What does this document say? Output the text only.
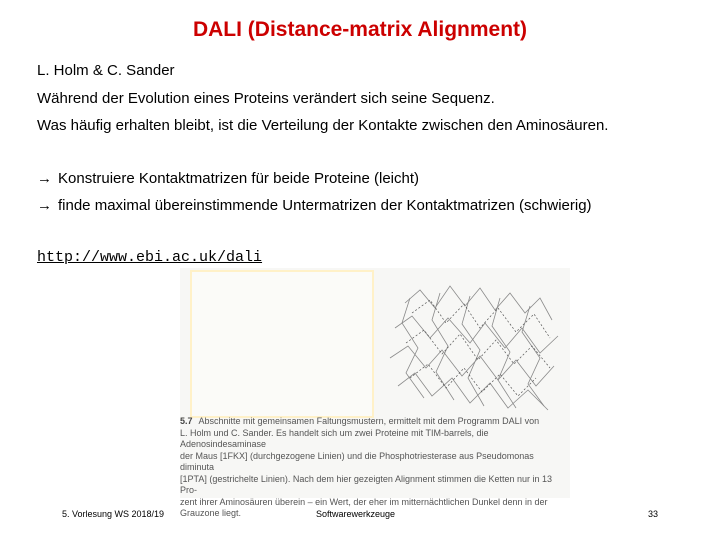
DALI (Distance-matrix Alignment)
L. Holm & C. Sander
Während der Evolution eines Proteins verändert sich seine Sequenz.
Was häufig erhalten bleibt, ist die Verteilung der Kontakte zwischen den Aminosäuren.
→ Konstruiere Kontaktmatrizen für beide Proteine (leicht)
→ finde maximal übereinstimmende Untermatrizen der Kontaktmatrizen (schwierig)
http://www.ebi.ac.uk/dali
5.7 Abschnitte mit gemeinsamen Faltungsmustern, ermittelt mit dem Programm DALI von
L. Holm und C. Sander. Es handelt sich um zwei Proteine mit TIM-barrels, die Adenosindesaminase
der Maus [1FKX] (durchgezogene Linien) und die Phosphotriesterase aus Pseudomonas diminuta
[1PTA] (gestrichelte Linien). Nach dem hier gezeigten Alignment stimmen die Ketten nur in 13 Pro-
zent ihrer Aminosäuren überein – ein Wert, der eher im mitternächtlichen Dunkel denn in der
Grauzone liegt.
5. Vorlesung WS 2018/19	Softwarewerkzeuge	33
